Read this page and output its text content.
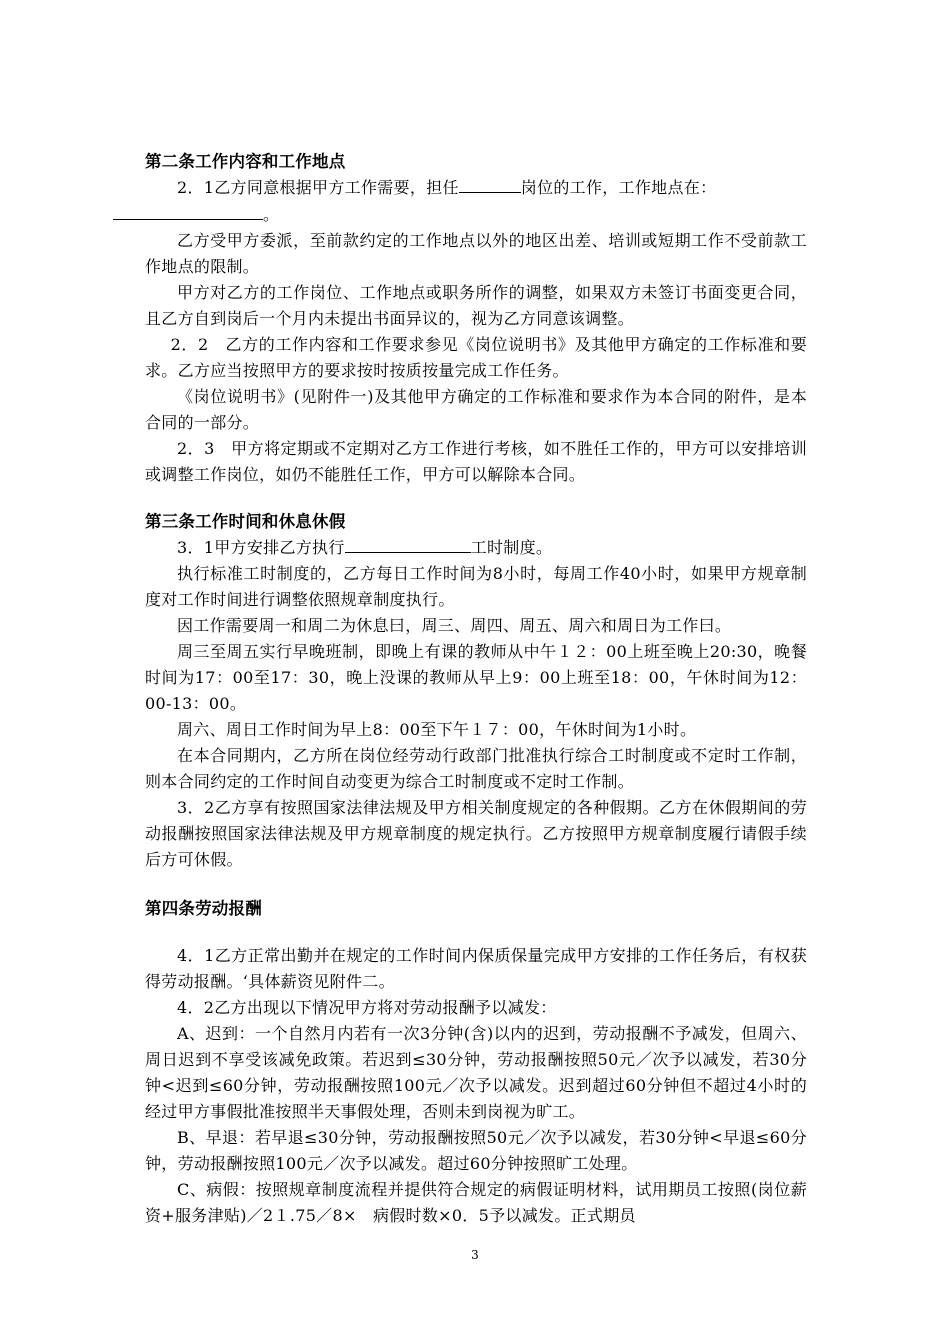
第二条工作内容和工作地点

2．1乙方同意根据甲方工作需要，担任	岗位的工作，工作地点在：
。

乙方受甲方委派，至前款约定的工作地点以外的地区出差、培训或短期工作不受前款工作地点的限制。

甲方对乙方的工作岗位、工作地点或职务所作的调整，如果双方未签订书面变更合同，且乙方自到岗后一个月内未提出书面异议的，视为乙方同意该调整。

2．2　乙方的工作内容和工作要求参见《岗位说明书》及其他甲方确定的工作标准和要求。乙方应当按照甲方的要求按时按质按量完成工作任务。

《岗位说明书》(见附件一)及其他甲方确定的工作标准和要求作为本合同的附件，是本合同的一部分。

2．3　甲方将定期或不定期对乙方工作进行考核，如不胜任工作的，甲方可以安排培训或调整工作岗位，如仍不能胜任工作，甲方可以解除本合同。

第三条工作时间和休息休假

3．1甲方安排乙方执行	工时制度。

执行标准工时制度的，乙方每日工作时间为8小时，每周工作40小时，如果甲方规章制度对工作时间进行调整依照规章制度执行。

因工作需要周一和周二为休息曰，周三、周四、周五、周六和周日为工作曰。

周三至周五实行早晚班制，即晚上有课的教师从中午１２：00上班至晚上20:30，晚餐时间为17：00至17：30，晚上没课的教师从早上9：00上班至18：00，午休时间为12：00-13：00。

周六、周日工作时间为早上8：00至下午１７：00，午休时间为1小时。

在本合同期内，乙方所在岗位经劳动行政部门批准执行综合工时制度或不定时工作制，则本合同约定的工作时间自动变更为综合工时制度或不定时工作制。

3．2乙方享有按照国家法律法规及甲方相关制度规定的各种假期。乙方在休假期间的劳动报酬按照国家法律法规及甲方规章制度的规定执行。乙方按照甲方规章制度履行请假手续后方可休假。

第四条劳动报酬

4．1乙方正常出勤并在规定的工作时间内保质保量完成甲方安排的工作任务后，有权获得劳动报酬。‘具体薪资见附件二。

4．2乙方出现以下情况甲方将对劳动报酬予以减发：

A、迟到：一个自然月内若有一次3分钟(含)以内的迟到，劳动报酬不予减发，但周六、周日迟到不享受该减免政策。若迟到≤30分钟，劳动报酬按照50元／次予以减发，若30分钟<迟到≤60分钟，劳动报酬按照100元／次予以减发。迟到超过60分钟但不超过4小时的经过甲方事假批准按照半天事假处理，否则未到岗视为旷工。

B、早退：若早退≤30分钟，劳动报酬按照50元／次予以减发，若30分钟<早退≤60分钟，劳动报酬按照100元／次予以减发。超过60分钟按照旷工处理。

C、病假：按照规章制度流程并提供符合规定的病假证明材料，试用期员工按照(岗位薪资+服务津贴)／2１.75／8×　病假时数×0．5予以减发。正式期员

3
